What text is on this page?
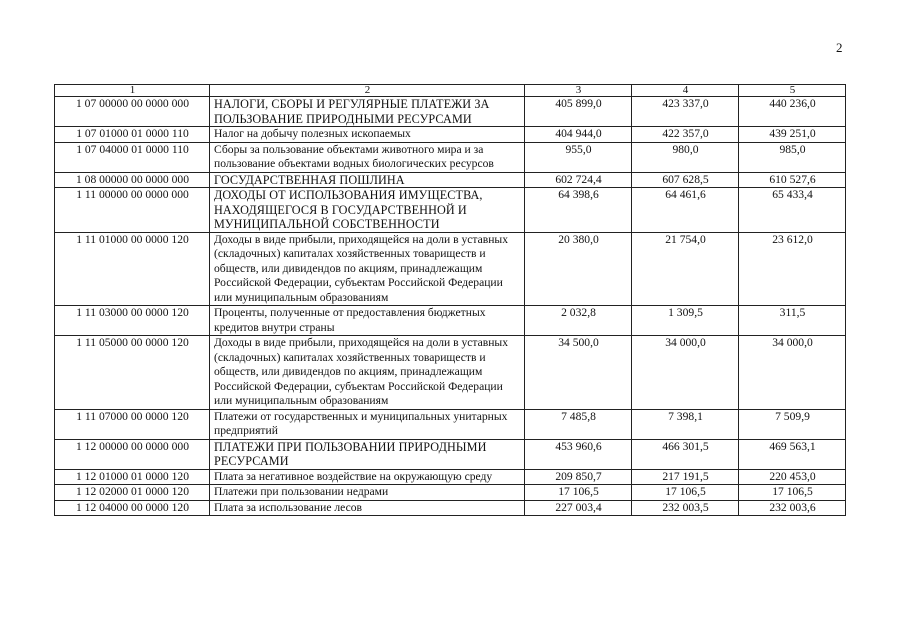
2
1	2	3	4	5
1 07 00000 00 0000 000	НАЛОГИ, СБОРЫ И РЕГУЛЯРНЫЕ ПЛАТЕЖИ ЗА ПОЛЬЗОВАНИЕ ПРИРОДНЫМИ РЕСУРСАМИ	405 899,0	423 337,0	440 236,0
1 07 01000 01 0000 110	Налог на добычу полезных ископаемых	404 944,0	422 357,0	439 251,0
1 07 04000 01 0000 110	Сборы за пользование объектами животного мира и за пользование объектами водных биологических ресурсов	955,0	980,0	985,0
1 08 00000 00 0000 000	ГОСУДАРСТВЕННАЯ ПОШЛИНА	602 724,4	607 628,5	610 527,6
1 11 00000 00 0000 000	ДОХОДЫ ОТ ИСПОЛЬЗОВАНИЯ ИМУЩЕСТВА, НАХОДЯЩЕГОСЯ В ГОСУДАРСТВЕННОЙ И МУНИЦИПАЛЬНОЙ СОБСТВЕННОСТИ	64 398,6	64 461,6	65 433,4
1 11 01000 00 0000 120	Доходы в виде прибыли, приходящейся на доли в уставных (складочных) капиталах хозяйственных товариществ и обществ, или дивидендов по акциям, принадлежащим Российской Федерации, субъектам Российской Федерации или муниципальным образованиям	20 380,0	21 754,0	23 612,0
1 11 03000 00 0000 120	Проценты, полученные от предоставления бюджетных кредитов внутри страны	2 032,8	1 309,5	311,5
1 11 05000 00 0000 120	Доходы в виде прибыли, приходящейся на доли в уставных (складочных) капиталах хозяйственных товариществ и обществ, или дивидендов по акциям, принадлежащим Российской Федерации, субъектам Российской Федерации или муниципальным образованиям	34 500,0	34 000,0	34 000,0
1 11 07000 00 0000 120	Платежи от государственных и муниципальных унитарных предприятий	7 485,8	7 398,1	7 509,9
1 12 00000 00 0000 000	ПЛАТЕЖИ ПРИ ПОЛЬЗОВАНИИ ПРИРОДНЫМИ РЕСУРСАМИ	453 960,6	466 301,5	469 563,1
1 12 01000 01 0000 120	Плата за негативное воздействие на окружающую среду	209 850,7	217 191,5	220 453,0
1 12 02000 01 0000 120	Платежи при пользовании недрами	17 106,5	17 106,5	17 106,5
1 12 04000 00 0000 120	Плата за использование лесов	227 003,4	232 003,5	232 003,6
